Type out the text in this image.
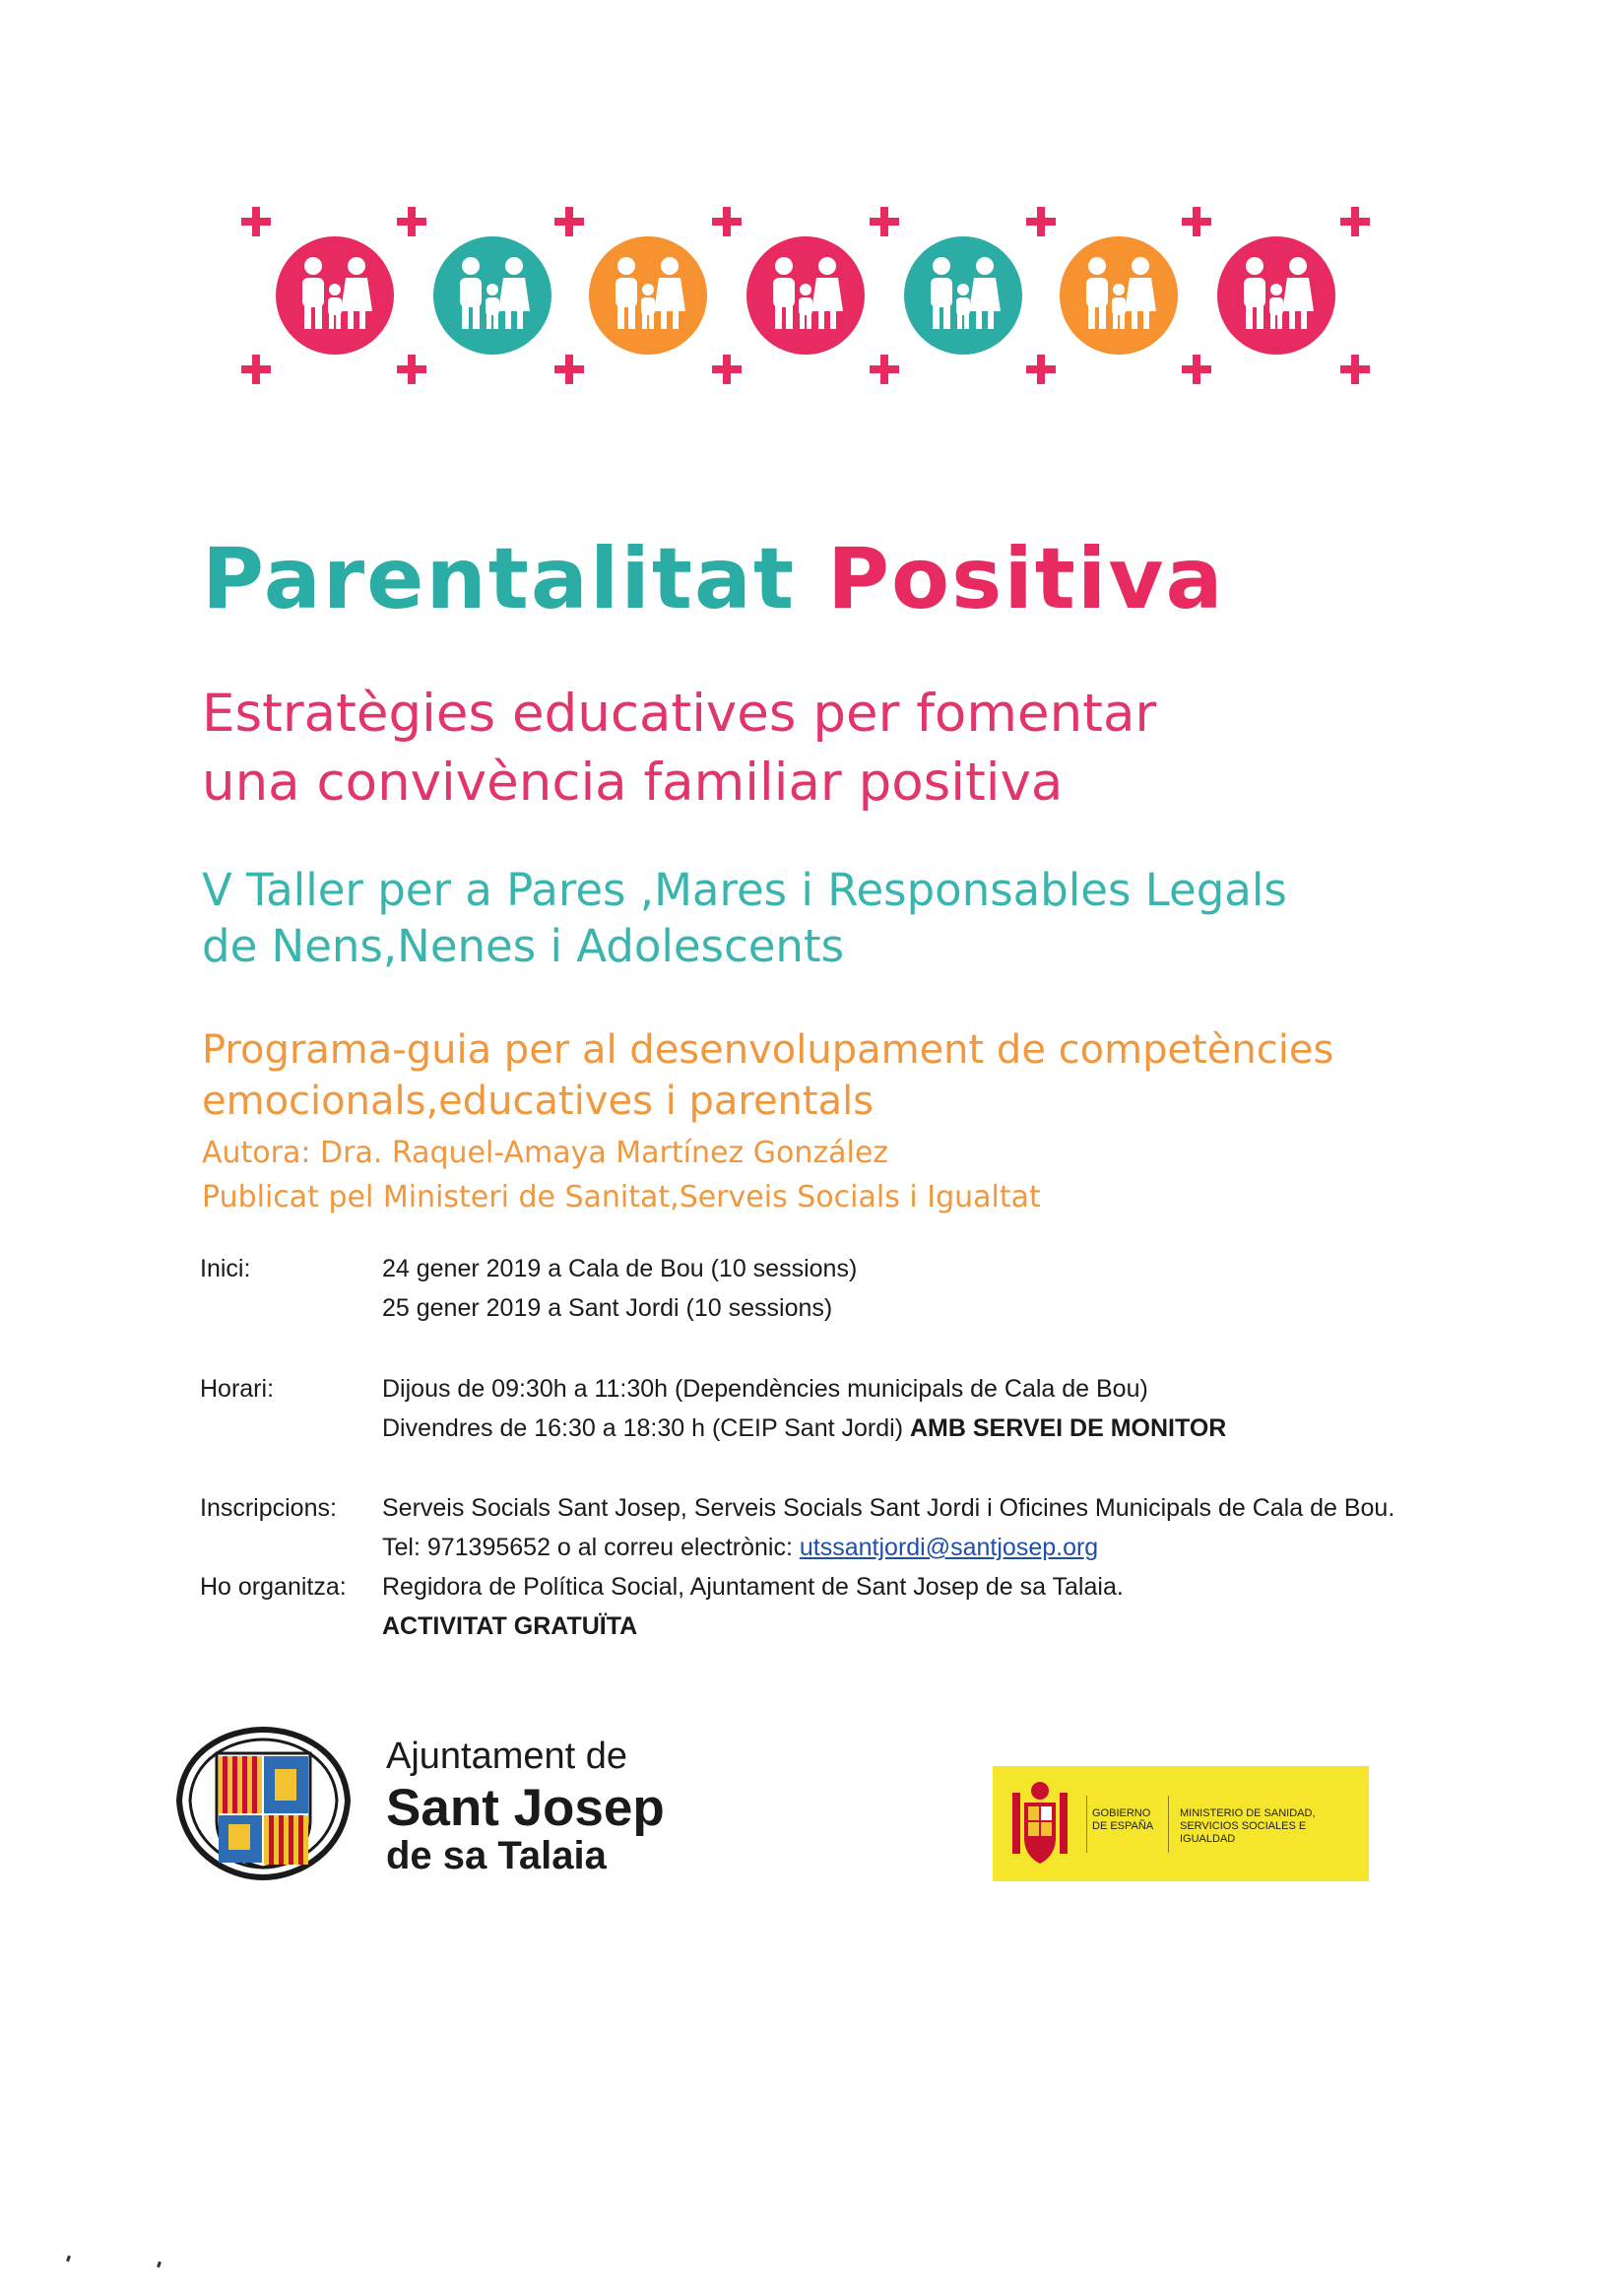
Parentalitat Positiva
Estratègies educatives per fomentar
una convivència familiar positiva
V Taller per a Pares ,Mares i Responsables Legals
de Nens,Nenes i Adolescents
Programa-guia per al desenvolupament de competències
emocionals,educatives i parentals
Autora: Dra. Raquel-Amaya Martínez González
Publicat pel Ministeri de Sanitat,Serveis Socials i Igualtat
Inici:	24 gener 2019 a Cala de Bou (10 sessions)
25 gener 2019 a Sant Jordi (10 sessions)
Horari:	Dijous de 09:30h a 11:30h (Dependències municipals de Cala de Bou)
Divendres de 16:30 a 18:30 h (CEIP Sant Jordi) AMB SERVEI DE MONITOR
Inscripcions: Serveis Socials Sant Josep, Serveis Socials Sant Jordi i Oficines Municipals de Cala de Bou.
Tel: 971395652 o al correu electrònic: utssantjordi@santjosep.org
Ho organitza: Regidora de Política Social, Ajuntament de Sant Josep de sa Talaia.
ACTIVITAT GRATUÏTA
Ajuntament de
Sant Josep
de sa Talaia
GOBIERNO DE ESPAÑA
MINISTERIO DE SANIDAD, SERVICIOS SOCIALES E IGUALDAD
